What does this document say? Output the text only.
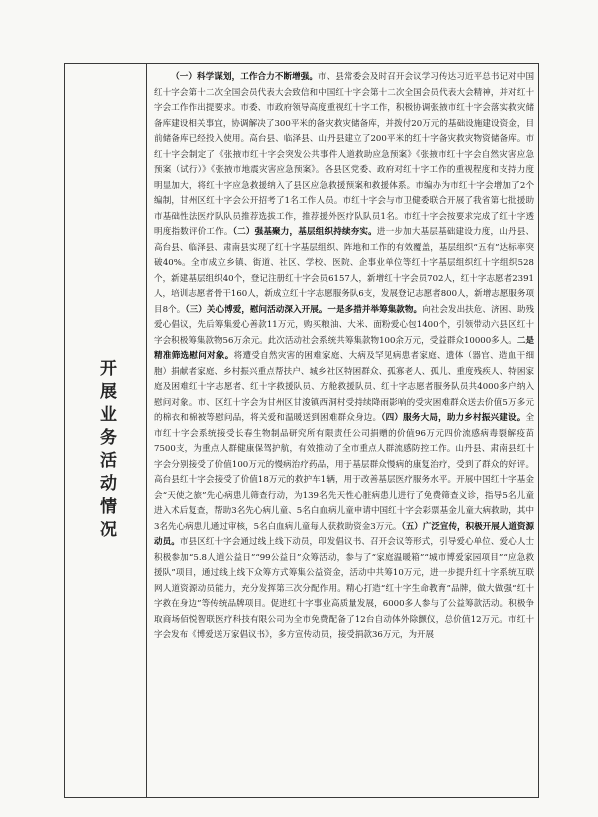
开展业务活动情况

（一）科学谋划，工作合力不断增强。市、县常委会及时召开会议学习传达习近平总书记对中国红十字会第十二次全国会员代表大会致信和中国红十字会第十二次全国会员代表大会精神，并对红十字会工作作出提要求。市委、市政府领导高度重视红十字工作，积极协调张掖市红十字会落实救灾储备库建设相关事宜，协调解决了300平米的备灾救灾储备库，并拨付20万元的基础设施建设资金，目前储备库已经投入使用。高台县、临泽县、山丹县建立了200平米的红十字备灾救灾物资储备库。市红十字会制定了《张掖市红十字会突发公共事件人道救助应急预案》《张掖市红十字会自然灾害应急预案（试行）》《张掖市地震灾害应急预案》。各县区党委、政府对红十字工作的重视程度和支持力度明显加大，将红十字应急救援纳入了县区应急救援预案和救援体系。市编办为市红十字会增加了2个编制，甘州区红十字会公开招考了1名工作人员。市红十字会与市卫健委联合开展了我省第七批援助市基础性法医疗队队员推荐选拔工作，推荐援外医疗队队员1名。市红十字会按要求完成了红十字透明度指数评价工作。（二）强基聚力，基层组织持续夯实。进一步加大基层基础建设力度，山丹县、高台县、临泽县、肃南县实现了红十字基层组织、阵地和工作的有效覆盖，基层组织“五有”达标率突破40%。全市成立乡镇、街道、社区、学校、医院、企事业单位等红十字基层组织红十字组织528个，新建基层组织40个，登记注册红十字会员6157人，新增红十字会员702人，红十字志愿者2391人，培训志愿者骨干160人，新成立红十字志愿服务队6支，发展登记志愿者800人，新增志愿服务项目8个。（三）关心博爱，慰问活动深入开展。一是多措并举筹集款物。向社会发出扶危、济困、助残爱心倡议，先后筹集爱心善款11万元，购买粮油、大米、面粉爱心包1400个，引领带动六县区红十字会积极筹集款物56万余元。此次活动社会系统共筹集款物100余万元，受益群众10000多人。二是精准筛选慰问对象。将遭受自然灾害的困难家庭、大病及罕见病患者家庭、遗体（器官、造血干细胞）捐献者家庭、乡村振兴重点帮扶户、城乡社区特困群众、孤寡老人、孤儿、重度残疾人、特困家庭及困难红十字志愿者、红十字救援队员、方舱救援队员、红十字志愿者服务队员共4000多户纳入慰问对象。市、区红十字会为甘州区甘浚镇西洞村受持续降雨影响的受灾困难群众送去价值5万多元的棉衣和棉被等慰问品，将关爱和温暖送到困难群众身边。（四）服务大局，助力乡村振兴建设。全市红十字会系统接受长春生物制品研究所有限责任公司捐赠的价值96万元四价流感病毒裂解疫苗7500支，为重点人群健康保驾护航，有效推动了全市重点人群流感防控工作。山丹县、肃南县红十字会分别接受了价值100万元的慢病治疗药品，用于基层群众慢病的康复治疗，受到了群众的好评。高台县红十字会接受了价值18万元的救护车1辆，用于改善基层医疗服务水平。开展中国红十字基金会“天使之旅”先心病患儿筛查行动，为139名先天性心脏病患儿进行了免费筛查义诊，指导5名儿童进入术后复查，帮助3名先心病儿童、5名白血病儿童申请中国红十字会彩票基金儿童大病救助，其中3名先心病患儿通过审核，5名白血病儿童每人获救助资金3万元。（五）广泛宣传，积极开展人道资源动员。市县区红十字会通过线上线下动员，印发倡议书、召开会议等形式，引导爱心单位、爱心人士积极参加“5.8人道公益日”“99公益日”众筹活动，参与了“家庭温暖箱”“城市博爱家园项目”“应急救援队”项目，通过线上线下众筹方式筹集公益资金，活动中共筹10万元，进一步提升红十字系统互联网人道资源动员能力，充分发挥第三次分配作用。精心打造“红十字生命教育”品牌，做大做强“红十字救在身边”等传统品牌项目。促进红十字事业高质量发展，6000多人参与了公益筹款活动。积极争取商场佰悦智联医疗科技有限公司为全市免费配备了12台自动体外除颤仪，总价值12万元。市红十字会发布《博爱送万家倡议书》，多方宣传动员，接受捐款36万元，为开展
